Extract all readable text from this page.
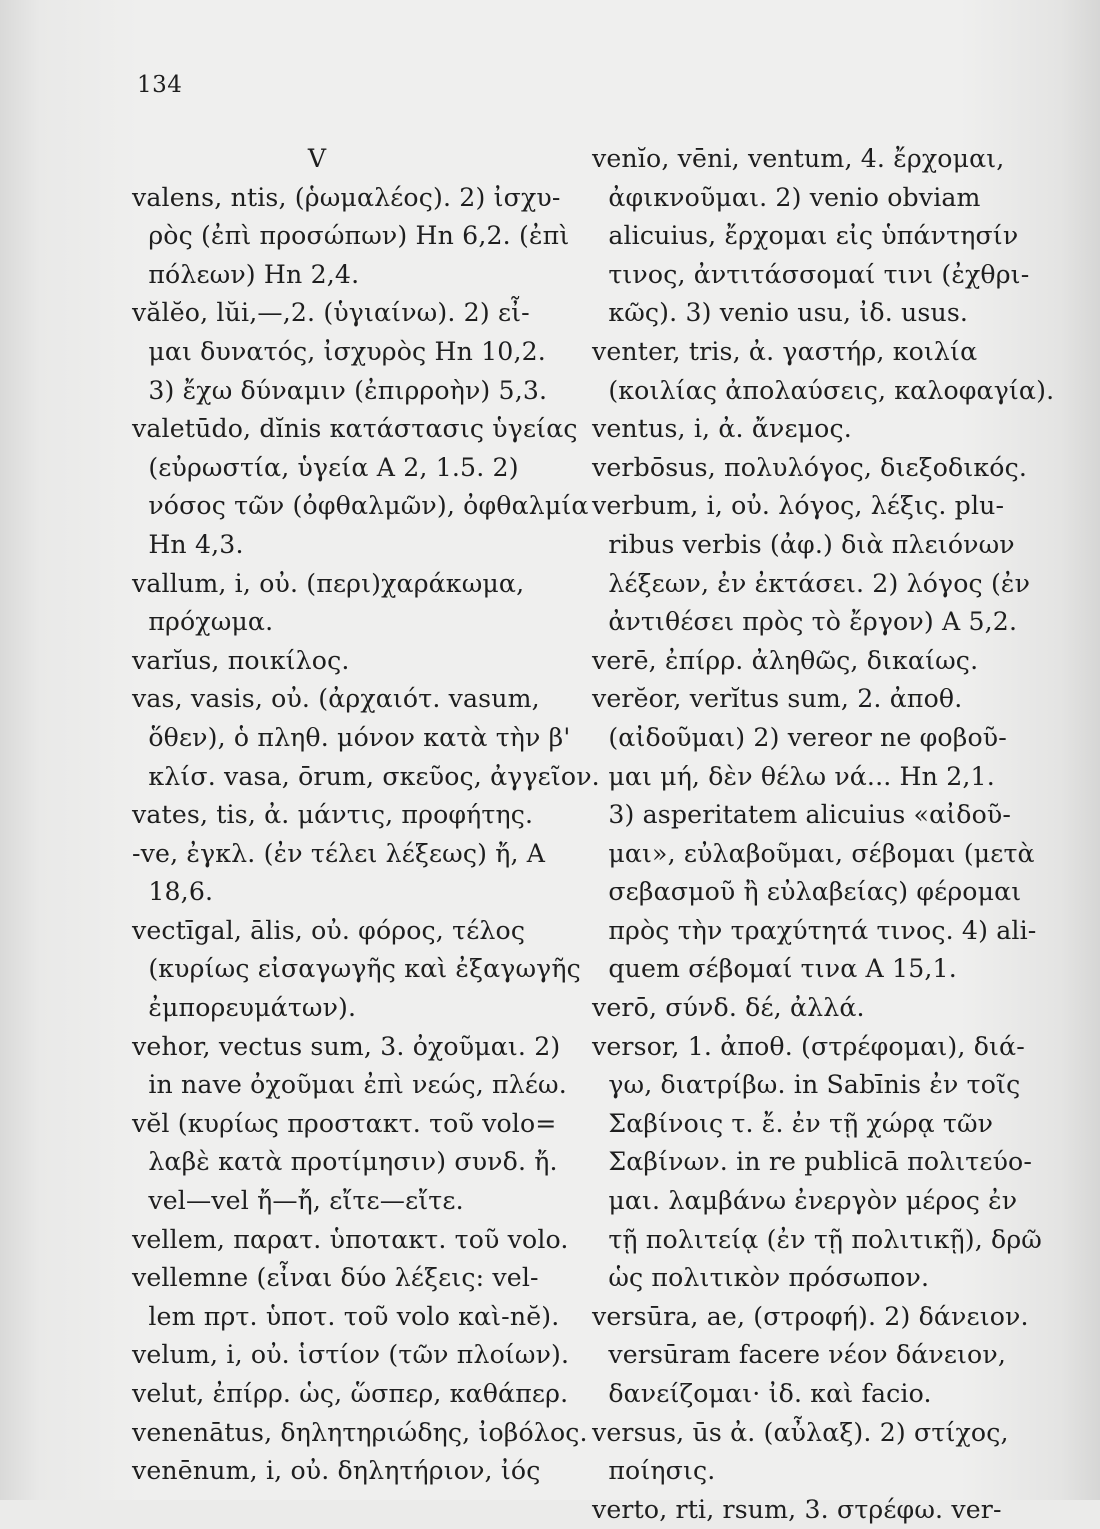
134
V
valens, ntis, (ῥωμαλέος). 2) ἰσχυ-
ρὸς (ἐπὶ προσώπων) Ηn 6,2. (ἐπὶ
πόλεων) Ηn 2,4.
vălĕo, lŭi,—,2. (ὑγιαίνω). 2) εἶ-
μαι δυνατός, ἰσχυρὸς Ηn 10,2.
3) ἔχω δύναμιν (ἐπιρροὴν) 5,3.
valetūdo, dĭnis κατάστασις ὑγείας
(εὐρωστία, ὑγεία Α 2, 1.5. 2)
νόσος τῶν (ὀφθαλμῶν), ὀφθαλμία
Ηn 4,3.
vallum, i, οὐ. (περι)χαράκωμα,
πρόχωμα.
varĭus, ποικίλος.
vas, vasis, οὐ. (ἀρχαιότ. vasum,
ὅθεν), ὁ πληθ. μόνον κατὰ τὴν β'
κλίσ. vasa, ōrum, σκεῦος, ἀγγεῖον.
vates, tis, ἀ. μάντις, προφήτης.
-ve, ἐγκλ. (ἐν τέλει λέξεως) ἤ, Α
18,6.
vectīgal, ālis, οὐ. φόρος, τέλος
(κυρίως εἰσαγωγῆς καὶ ἐξαγωγῆς
ἐμπορευμάτων).
vehor, vectus sum, 3. ὀχοῦμαι. 2)
in nave ὀχοῦμαι ἐπὶ νεώς, πλέω.
vĕl (κυρίως προστακτ. τοῦ volo=
λαβὲ κατὰ προτίμησιν) συνδ. ἤ.
vel—vel ἤ—ἤ, εἴτε—εἴτε.
vellem, παρατ. ὑποτακτ. τοῦ volo.
vellemne (εἶναι δύο λέξεις: vel-
lem πρτ. ὑποτ. τοῦ volo καὶ-nĕ).
velum, i, οὐ. ἱστίον (τῶν πλοίων).
velut, ἐπίρρ. ὡς, ὥσπερ, καθάπερ.
venenātus, δηλητηριώδης, ἰοβόλος.
venēnum, i, οὐ. δηλητήριον, ἰός
venĭo, vēni, ventum, 4. ἔρχομαι,
ἀφικνοῦμαι. 2) venio obviam
alicuius, ἔρχομαι εἰς ὑπάντησίν
τινος, ἀντιτάσσομαί τινι (ἐχθρι-
κῶς). 3) venio usu, ἰδ. usus.
venter, tris, ἀ. γαστήρ, κοιλία
(κοιλίας ἀπολαύσεις, καλοφαγία).
ventus, i, ἀ. ἄνεμος.
verbōsus, πολυλόγος, διεξοδικός.
verbum, i, οὐ. λόγος, λέξις. plu-
ribus verbis (ἀφ.) διὰ πλειόνων
λέξεων, ἐν ἐκτάσει. 2) λόγος (ἐν
ἀντιθέσει πρὸς τὸ ἔργον) Α 5,2.
verē, ἐπίρρ. ἀληθῶς, δικαίως.
verĕor, verĭtus sum, 2. ἀποθ.
(αἰδοῦμαι) 2) vereor ne φοβοῦ-
μαι μή, δὲν θέλω νά... Ηn 2,1.
3) asperitatem alicuius «αἰδοῦ-
μαι», εὐλαβοῦμαι, σέβομαι (μετὰ
σεβασμοῦ ἢ εὐλαβείας) φέρομαι
πρὸς τὴν τραχύτητά τινος. 4) ali-
quem σέβομαί τινα Α 15,1.
verō, σύνδ. δέ, ἀλλά.
versor, 1. ἀποθ. (στρέφομαι), διά-
γω, διατρίβω. in Sabīnis ἐν τοῖς
Σαβίνοις τ. ἔ. ἐν τῇ χώρᾳ τῶν
Σαβίνων. in re publicā πολιτεύο-
μαι. λαμβάνω ἐνεργὸν μέρος ἐν
τῇ πολιτείᾳ (ἐν τῇ πολιτικῇ), δρῶ
ὡς πολιτικὸν πρόσωπον.
versūra, ae, (στροφή). 2) δάνειον.
versūram facere νέον δάνειον,
δανείζομαι· ἰδ. καὶ facio.
versus, ūs ἀ. (αὖλαξ). 2) στίχος,
ποίησις.
verto, rti, rsum, 3. στρέφω. ver-
